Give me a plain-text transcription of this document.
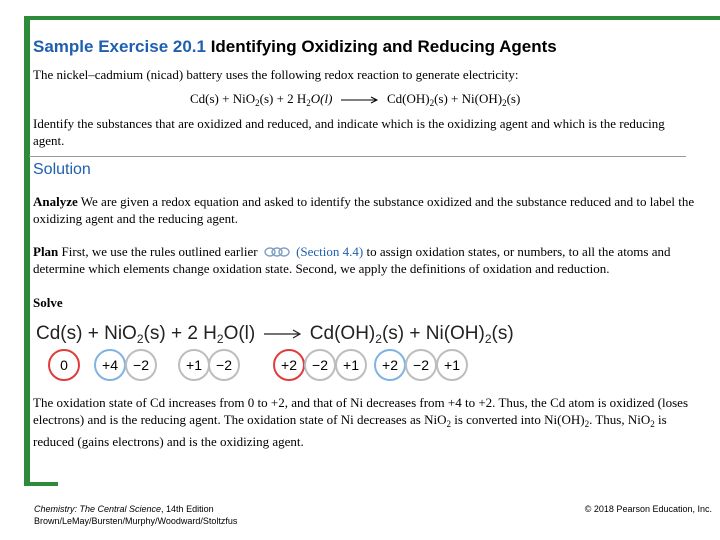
Sample Exercise 20.1 Identifying Oxidizing and Reducing Agents
The nickel–cadmium (nicad) battery uses the following redox reaction to generate electricity:
Cd(s) + NiO$_2$(s) + 2 $H_2O(l) \to Cd(OH)_2(s) + Ni(OH)_2(s)$
Identify the substances that are oxidized and reduced, and indicate which is the oxidizing agent and which is the reducing agent.
Solution
Analyze We are given a redox equation and asked to identify the substance oxidized and the substance reduced and to label the oxidizing agent and the reducing agent.
Plan First, we use the rules outlined earlier	(Section 4.4) to assign oxidation states, or numbers, to all the atoms and determine which elements change oxidation state. Second, we apply the definitions of oxidation and reduction.
Solve
Cd(s) + NiO$_2$(s) + 2 $H_2O(l) \to Cd(OH)_2(s) + Ni(OH)_2(s)$
0	+4	−2	+1	−2	+2	−2	+1	+2	−2	+1
The oxidation state of Cd increases from 0 to +2, and that of Ni decreases from +4 to +2. Thus, the Cd atom is oxidized (loses electrons) and is the reducing agent. The oxidation state of Ni decreases as NiO$_2$ is converted into $Ni(OH)_2$. Thus, NiO$_2$ is reduced (gains electrons) and is the oxidizing agent.
Chemistry: The Central Science, 14th Edition
Brown/LeMay/Bursten/Murphy/Woodward/Stoltzfus
© 2018 Pearson Education, Inc.
